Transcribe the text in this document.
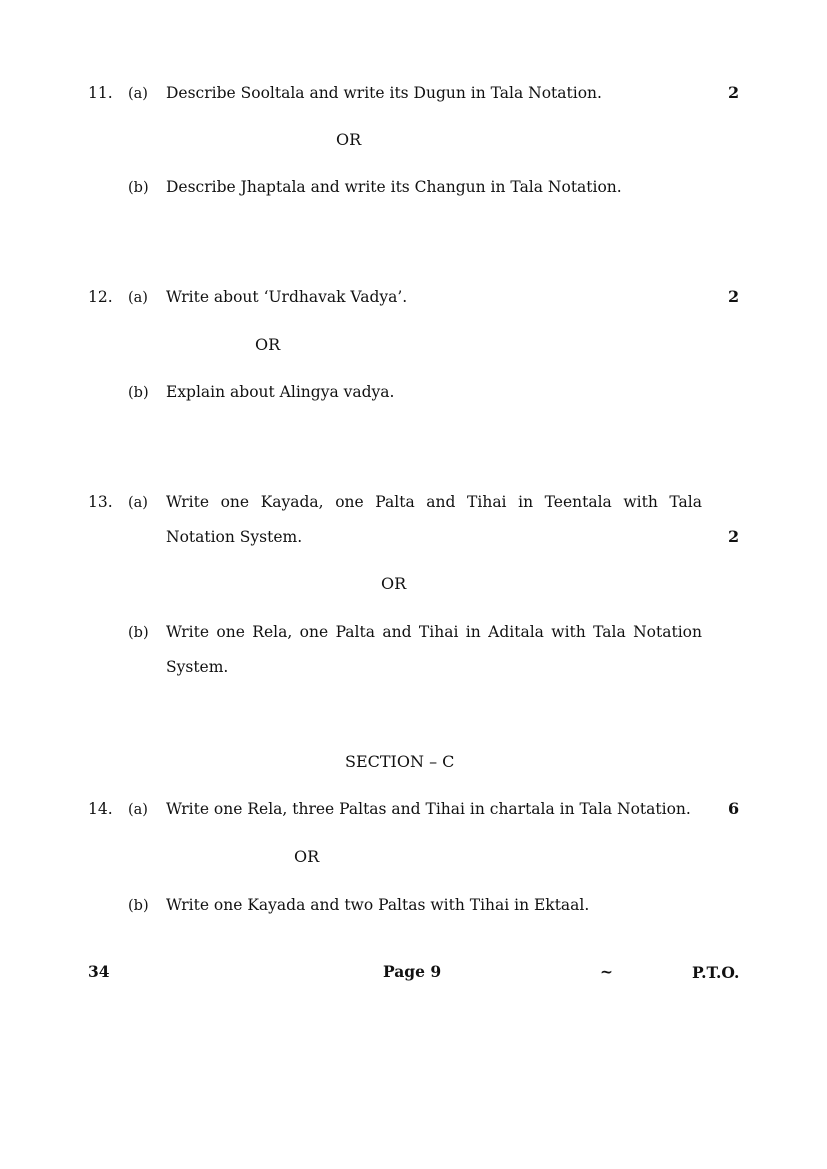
11. (a) Describe Sooltala and write its Dugun in Tala Notation.	2
OR
(b) Describe Jhaptala and write its Changun in Tala Notation.
12. (a) Write about ‘Urdhavak Vadya’.	2
OR
(b) Explain about Alingya vadya.
13. (a) Write one Kayada, one Palta and Tihai in Teentala with Tala
Notation System.	2
OR
(b) Write one Rela, one Palta and Tihai in Aditala with Tala Notation
System.
SECTION – C
14. (a) Write one Rela, three Paltas and Tihai in chartala in Tala Notation. 6
OR
(b) Write one Kayada and two Paltas with Tihai in Ektaal.
34	Page 9	~	P.T.O.
